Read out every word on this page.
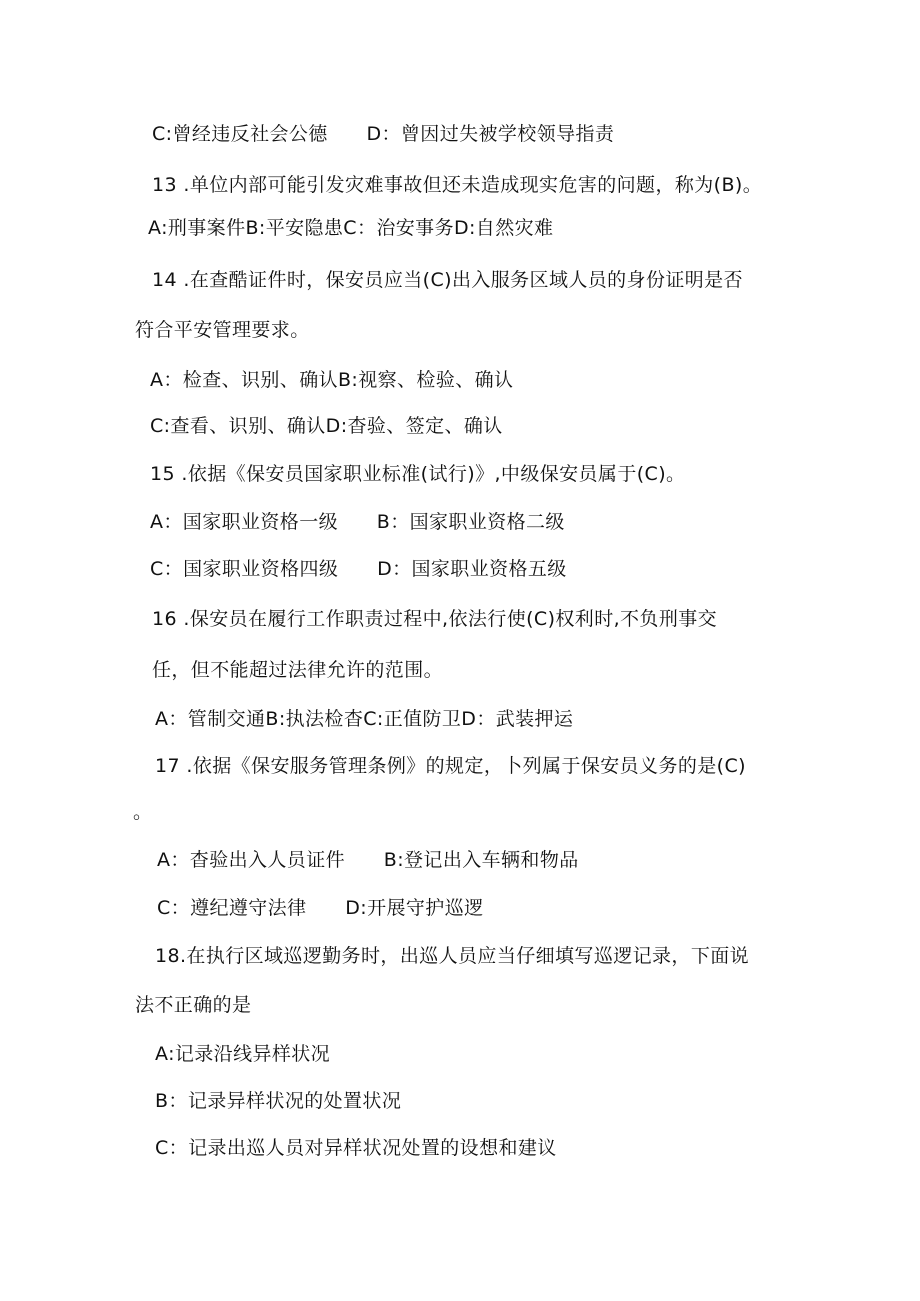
C:曾经违反社会公德　　D：曾因过失被学校领导指责
13 .单位内部可能引发灾难事故但还未造成现实危害的问题，称为(B)。
A:刑事案件B:平安隐患C：治安事务D:自然灾难
14 .在查酷证件时，保安员应当(C)出入服务区域人员的身份证明是否
符合平安管理要求。
A：检查、识别、确认B:视察、检验、确认
C:查看、识别、确认D:杳验、签定、确认
15 .依据《保安员国家职业标准(试行)》,中级保安员属于(C)。
A：国家职业资格一级　　B：国家职业资格二级
C：国家职业资格四级　　D：国家职业资格五级
16 .保安员在履行工作职责过程中,依法行使(C)权利时,不负刑事交
任，但不能超过法律允许的范围。
A：管制交通B:执法检杳C:正值防卫D：武装押运
17 .依据《保安服务管理条例》的规定，卜列属于保安员义务的是(C)
。
A：杳验出入人员证件　　B:登记出入车辆和物品
C：遵纪遵守法律　　D:开展守护巡逻
18.在执行区域巡逻勤务时，出巡人员应当仔细填写巡逻记录，下面说
法不正确的是
A:记录沿线异样状况
B：记录异样状况的处置状况
C：记录出巡人员对异样状况处置的设想和建议
